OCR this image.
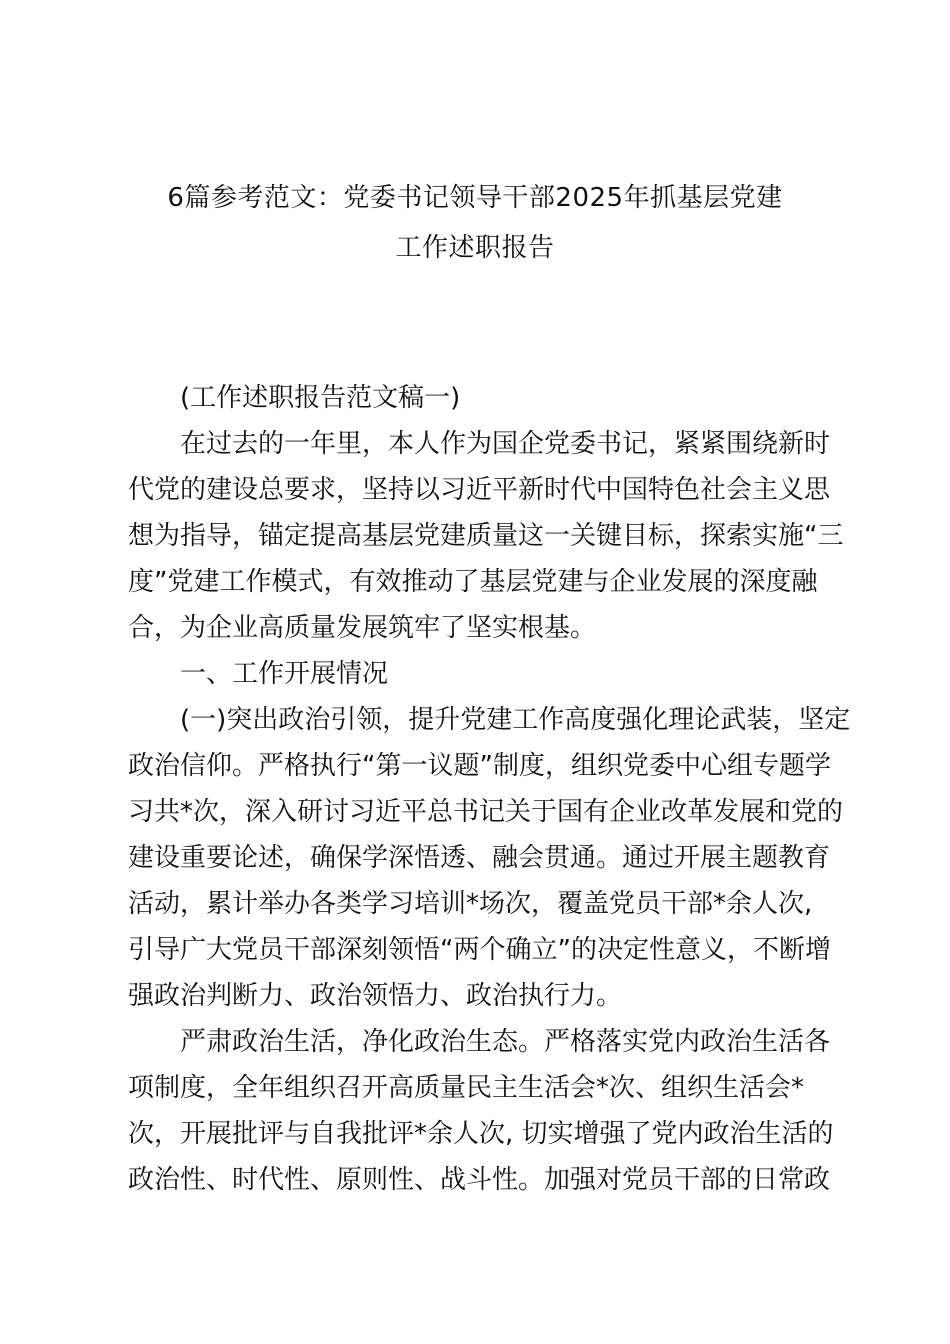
6篇参考范文：党委书记领导干部2025年抓基层党建
工作述职报告
(工作述职报告范文稿一)
在过去的一年里，本人作为国企党委书记，紧紧围绕新时
代党的建设总要求，坚持以习近平新时代中国特色社会主义思
想为指导，锚定提高基层党建质量这一关键目标，探索实施“三
度”党建工作模式，有效推动了基层党建与企业发展的深度融
合，为企业高质量发展筑牢了坚实根基。
一、工作开展情况
(一)突出政治引领，提升党建工作高度强化理论武装，坚定
政治信仰。严格执行“第一议题”制度，组织党委中心组专题学
习共*次，深入研讨习近平总书记关于国有企业改革发展和党的
建设重要论述，确保学深悟透、融会贯通。通过开展主题教育
活动，累计举办各类学习培训*场次，覆盖党员干部*余人次,
引导广大党员干部深刻领悟“两个确立”的决定性意义，不断增
强政治判断力、政治领悟力、政治执行力。
严肃政治生活，净化政治生态。严格落实党内政治生活各
项制度，全年组织召开高质量民主生活会*次、组织生活会*
次，开展批评与自我批评*余人次, 切实增强了党内政治生活的
政治性、时代性、原则性、战斗性。加强对党员干部的日常政
